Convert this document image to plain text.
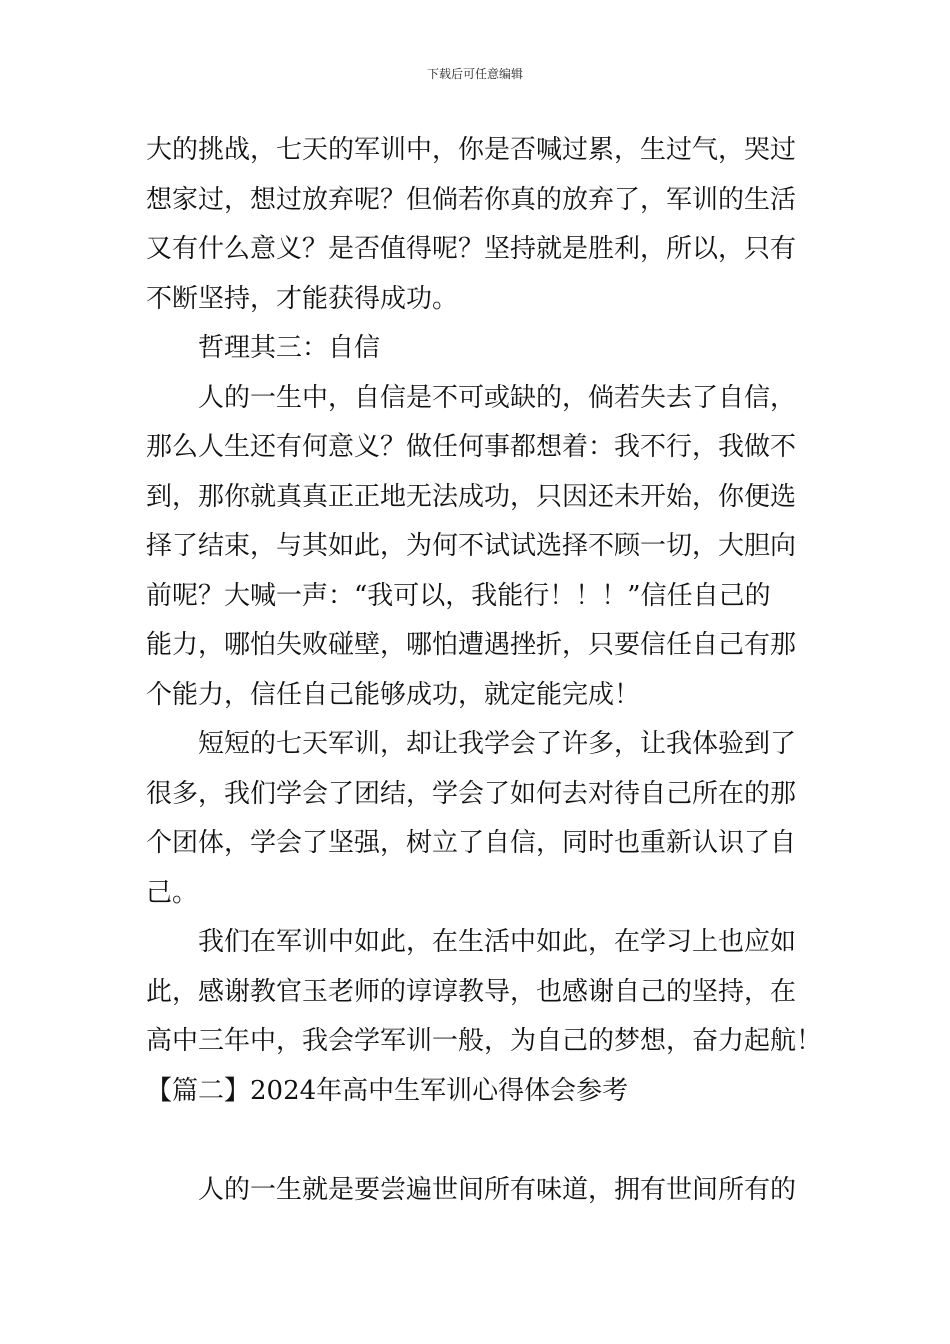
下载后可任意编辑
大的挑战，七天的军训中，你是否喊过累，生过气，哭过
想家过，想过放弃呢？但倘若你真的放弃了，军训的生活
又有什么意义？是否值得呢？坚持就是胜利，所以，只有
不断坚持，才能获得成功。
哲理其三：自信
人的一生中，自信是不可或缺的，倘若失去了自信，
那么人生还有何意义？做任何事都想着：我不行，我做不
到，那你就真真正正地无法成功，只因还未开始，你便选
择了结束，与其如此，为何不试试选择不顾一切，大胆向
前呢？大喊一声：“我可以，我能行！！！”信任自己的
能力，哪怕失败碰壁，哪怕遭遇挫折，只要信任自己有那
个能力，信任自己能够成功，就定能完成！
短短的七天军训，却让我学会了许多，让我体验到了
很多，我们学会了团结，学会了如何去对待自己所在的那
个团体，学会了坚强，树立了自信，同时也重新认识了自
己。
我们在军训中如此，在生活中如此，在学习上也应如
此，感谢教官玉老师的谆谆教导，也感谢自己的坚持，在
高中三年中，我会学军训一般，为自己的梦想，奋力起航！
【篇二】2024年高中生军训心得体会参考
人的一生就是要尝遍世间所有味道，拥有世间所有的
